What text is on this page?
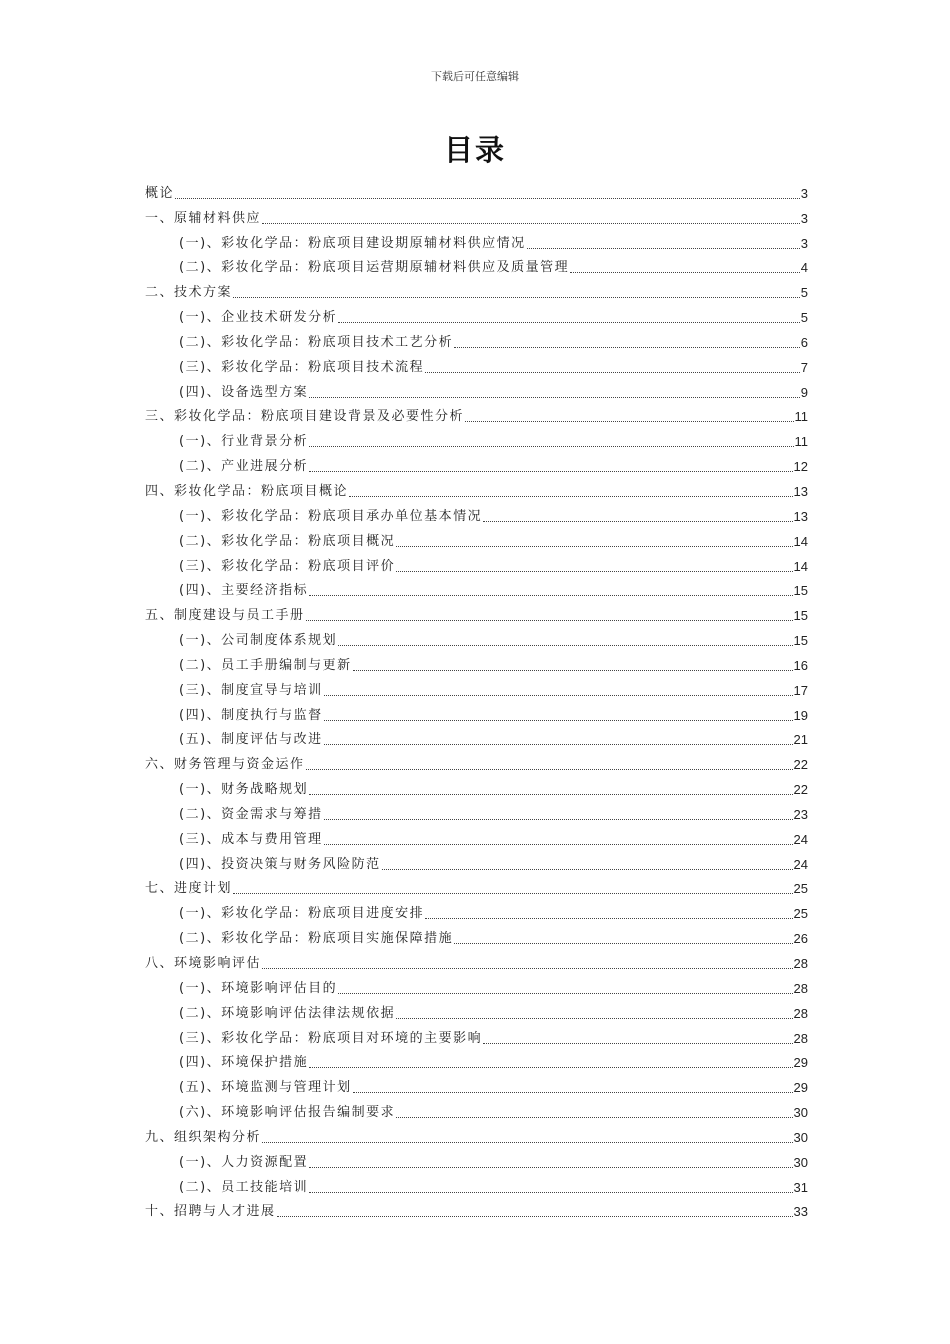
下载后可任意编辑
目录
概论	3
一、原辅材料供应	3
(一)、彩妆化学品：粉底项目建设期原辅材料供应情况	3
(二)、彩妆化学品：粉底项目运营期原辅材料供应及质量管理	4
二、技术方案	5
(一)、企业技术研发分析	5
(二)、彩妆化学品：粉底项目技术工艺分析	6
(三)、彩妆化学品：粉底项目技术流程	7
(四)、设备选型方案	9
三、彩妆化学品：粉底项目建设背景及必要性分析	11
(一)、行业背景分析	11
(二)、产业进展分析	12
四、彩妆化学品：粉底项目概论	13
(一)、彩妆化学品：粉底项目承办单位基本情况	13
(二)、彩妆化学品：粉底项目概况	14
(三)、彩妆化学品：粉底项目评价	14
(四)、主要经济指标	15
五、制度建设与员工手册	15
(一)、公司制度体系规划	15
(二)、员工手册编制与更新	16
(三)、制度宣导与培训	17
(四)、制度执行与监督	19
(五)、制度评估与改进	21
六、财务管理与资金运作	22
(一)、财务战略规划	22
(二)、资金需求与筹措	23
(三)、成本与费用管理	24
(四)、投资决策与财务风险防范	24
七、进度计划	25
(一)、彩妆化学品：粉底项目进度安排	25
(二)、彩妆化学品：粉底项目实施保障措施	26
八、环境影响评估	28
(一)、环境影响评估目的	28
(二)、环境影响评估法律法规依据	28
(三)、彩妆化学品：粉底项目对环境的主要影响	28
(四)、环境保护措施	29
(五)、环境监测与管理计划	29
(六)、环境影响评估报告编制要求	30
九、组织架构分析	30
(一)、人力资源配置	30
(二)、员工技能培训	31
十、招聘与人才进展	33
